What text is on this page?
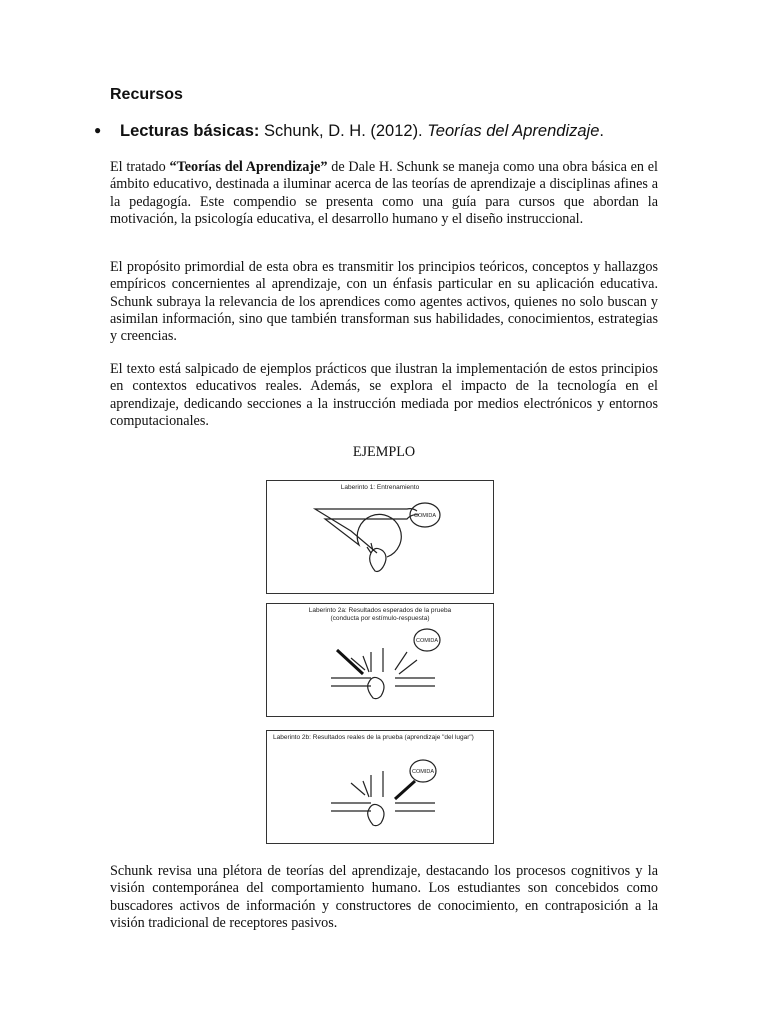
Recursos
● Lecturas básicas: Schunk, D. H. (2012). Teorías del Aprendizaje.

El tratado “Teorías del Aprendizaje” de Dale H. Schunk se maneja como una obra básica en el ámbito educativo, destinada a iluminar acerca de las teorías de aprendizaje a disciplinas afines a la pedagogía. Este compendio se presenta como una guía para cursos que abordan la motivación, la psicología educativa, el desarrollo humano y el diseño instruccional.

El propósito primordial de esta obra es transmitir los principios teóricos, conceptos y hallazgos empíricos concernientes al aprendizaje, con un énfasis particular en su aplicación educativa. Schunk subraya la relevancia de los aprendices como agentes activos, quienes no solo buscan y asimilan información, sino que también transforman sus habilidades, conocimientos, estrategias y creencias.

El texto está salpicado de ejemplos prácticos que ilustran la implementación de estos principios en contextos educativos reales. Además, se explora el impacto de la tecnología en el aprendizaje, dedicando secciones a la instrucción mediada por medios electrónicos y entornos computacionales.

EJEMPLO
Laberinto 1: Entrenamiento
COMIDA
Laberinto 2a: Resultados esperados de la prueba
(conducta por estímulo-respuesta)
COMIDA
Laberinto 2b: Resultados reales de la prueba (aprendizaje "del lugar")
COMIDA

Schunk revisa una plétora de teorías del aprendizaje, destacando los procesos cognitivos y la visión contemporánea del comportamiento humano. Los estudiantes son concebidos como buscadores activos de información y constructores de conocimiento, en contraposición a la visión tradicional de receptores pasivos.
